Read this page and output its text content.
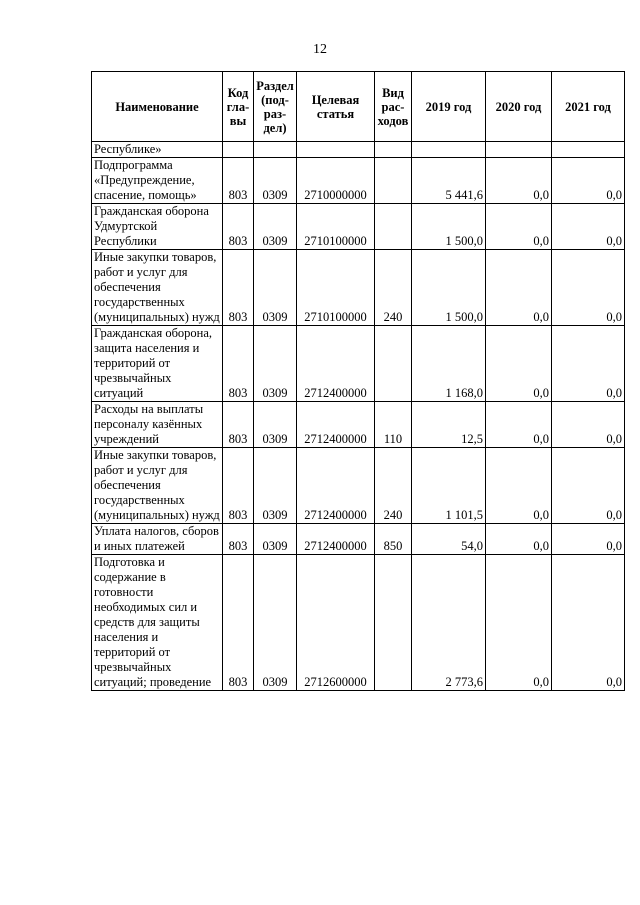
12
Наименование	Код гла-вы	Раздел (под-раз-дел)	Целевая статья	Вид рас-ходов	2019 год	2020 год	2021 год
Республике»							
Подпрограмма «Предупреждение, спасение, помощь»	803	0309	2710000000		5 441,6	0,0	0,0
Гражданская оборона Удмуртской Республики	803	0309	2710100000		1 500,0	0,0	0,0
Иные закупки товаров, работ и услуг для обеспечения государственных (муниципальных) нужд	803	0309	2710100000	240	1 500,0	0,0	0,0
Гражданская оборона, защита населения и территорий от чрезвычайных ситуаций	803	0309	2712400000		1 168,0	0,0	0,0
Расходы на выплаты персоналу казённых учреждений	803	0309	2712400000	110	12,5	0,0	0,0
Иные закупки товаров, работ и услуг для обеспечения государственных (муниципальных) нужд	803	0309	2712400000	240	1 101,5	0,0	0,0
Уплата налогов, сборов и иных платежей	803	0309	2712400000	850	54,0	0,0	0,0
Подготовка и содержание в готовности необходимых сил и средств для защиты населения и территорий от чрезвычайных ситуаций; проведение	803	0309	2712600000		2 773,6	0,0	0,0
